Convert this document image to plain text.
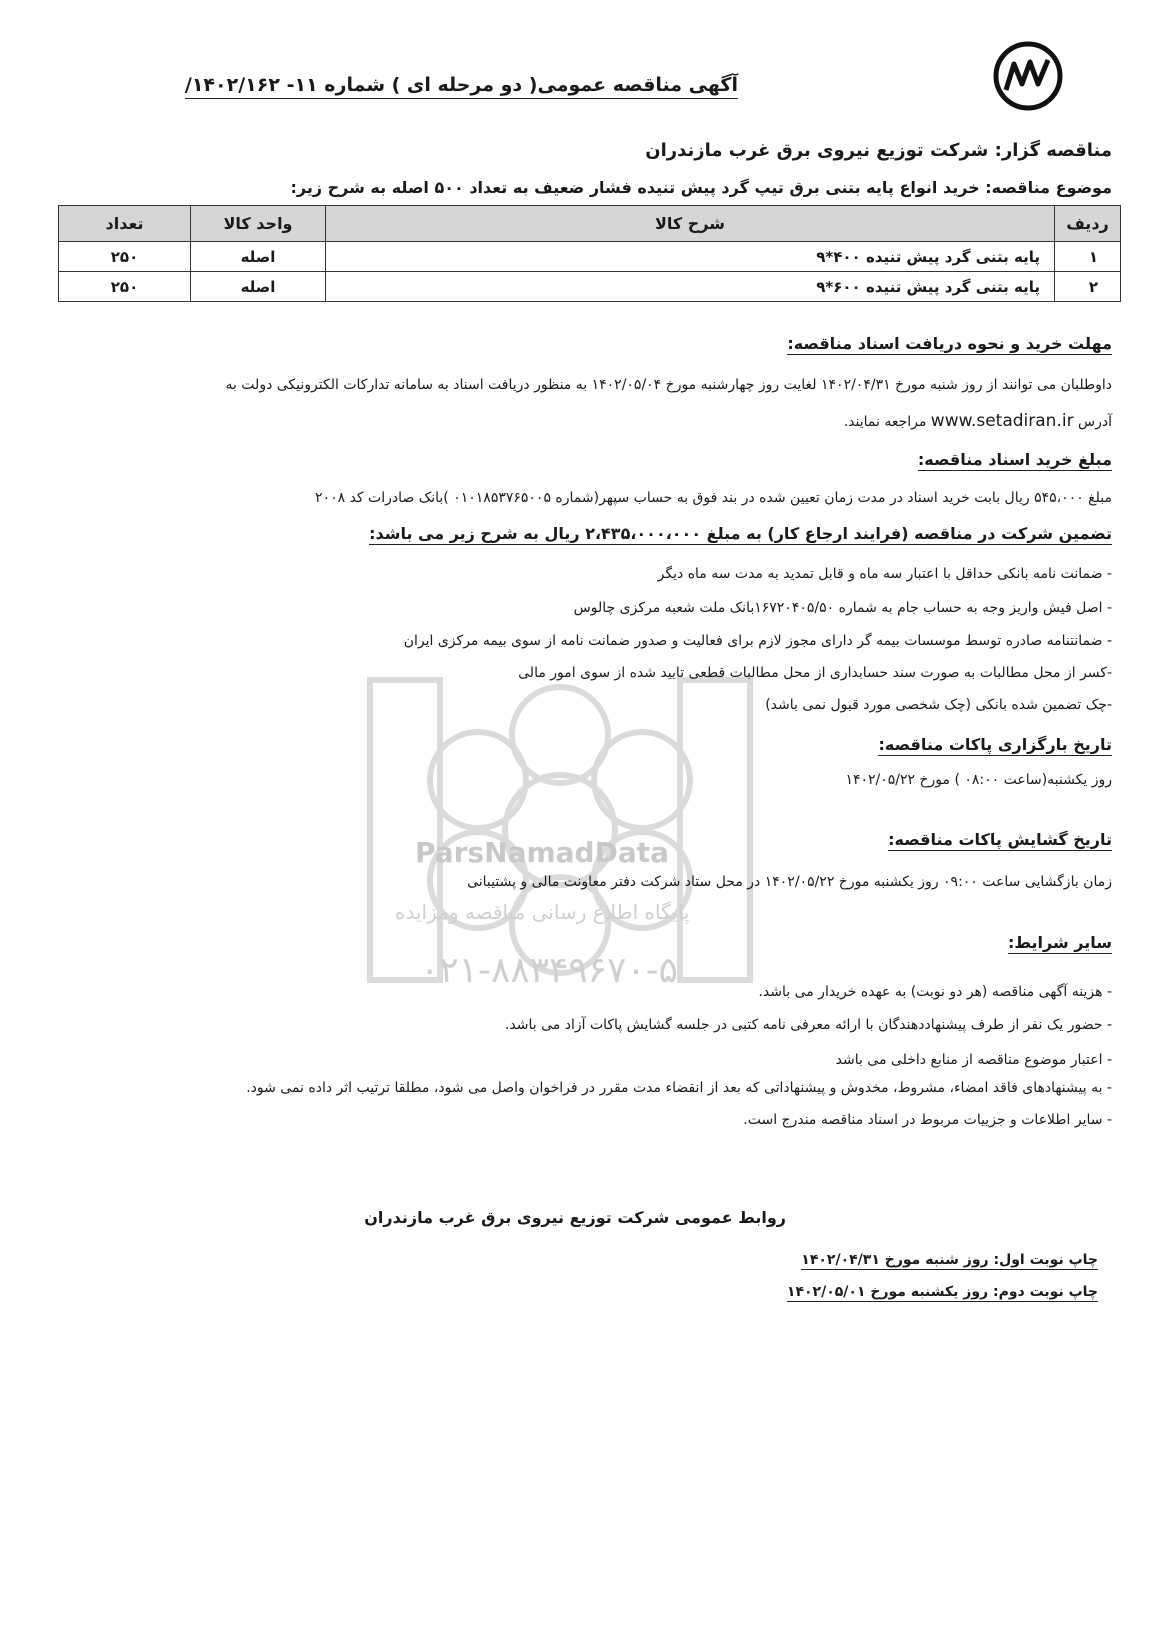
ParsNamadData
پایگاه اطلاع رسانی مناقصه ومزایده
۰۲۱-۸۸۳۴۹۶۷۰-۵
آگهی مناقصه عمومی( دو مرحله ای ) شماره ۱۱- ۱۴۰۲/۱۶۲/
مناقصه گزار: شرکت توزیع نیروی برق غرب مازندران
موضوع مناقصه: خرید انواع پایه بتنی برق تیپ گرد پیش تنیده فشار ضعیف به تعداد ۵۰۰ اصله به شرح زیر:
ردیف	شرح کالا	واحد کالا	تعداد
۱	پایه بتنی گرد پیش تنیده ۴۰۰*۹	اصله	۲۵۰
۲	پایه بتنی گرد پیش تنیده ۶۰۰*۹	اصله	۲۵۰
مهلت خرید و نحوه دریافت اسناد مناقصه:
داوطلبان می توانند از روز شنبه مورخ ۱۴۰۲/۰۴/۳۱ لغایت روز چهارشنبه مورخ ۱۴۰۲/۰۵/۰۴ به منظور دریافت اسناد به سامانه تدارکات الکترونیکی دولت به
آدرس www.setadiran.ir مراجعه نمایند.
مبلغ خرید اسناد مناقصه:
مبلغ ۵۴۵،۰۰۰ ریال بابت خرید اسناد در مدت زمان تعیین شده در بند فوق به حساب سپهر(شماره ۰۱۰۱۸۵۳۷۶۵۰۰۵ )بانک صادرات کد ۲۰۰۸
تضمین شرکت در مناقصه (فرایند ارجاع کار) به مبلغ ۲،۴۳۵،۰۰۰،۰۰۰ ریال به شرح زیر می باشد:
- ضمانت نامه بانکی حداقل با اعتبار سه ماه و قابل تمدید به مدت سه ماه دیگر
- اصل فیش واریز وجه به حساب جام به شماره ۱۶۷۲۰۴۰۵/۵۰بانک ملت شعبه مرکزی چالوس
- ضمانتنامه صادره توسط موسسات بیمه گر دارای مجوز لازم برای فعالیت و صدور ضمانت نامه از سوی بیمه مرکزی ایران
-کسر از محل مطالبات به صورت سند حسابداری از محل مطالبات قطعی تایید شده از سوی امور مالی
-چک تضمین شده بانکی (چک شخصی مورد قبول نمی باشد)
تاریخ بارگزاری پاکات مناقصه:
روز یکشنبه(ساعت ۰۸:۰۰ ) مورخ ۱۴۰۲/۰۵/۲۲
تاریخ گشایش پاکات مناقصه:
زمان بازگشایی ساعت ۰۹:۰۰ روز یکشنبه مورخ ۱۴۰۲/۰۵/۲۲ در محل ستاد شرکت دفتر معاونت مالی و پشتیبانی
سایر شرایط:
- هزینه آگهی مناقصه (هر دو نوبت) به عهده خریدار می باشد.
- حضور یک نفر از طرف پیشنهاددهندگان با ارائه معرفی نامه کتبی در جلسه گشایش پاکات آزاد می باشد.
- اعتبار موضوع مناقصه از منابع داخلی می باشد
- به پیشنهادهای فاقد امضاء، مشروط، مخدوش و پیشنهاداتی که بعد از انقضاء مدت مقرر در فراخوان واصل می شود، مطلقا ترتیب اثر داده نمی شود.
- سایر اطلاعات و جزییات مربوط در اسناد مناقصه مندرج است.
روابط عمومی شرکت توزیع نیروی برق غرب مازندران
چاپ نوبت اول: روز شنبه مورخ ۱۴۰۲/۰۴/۳۱
چاپ نوبت دوم: روز یکشنبه مورخ ۱۴۰۲/۰۵/۰۱
